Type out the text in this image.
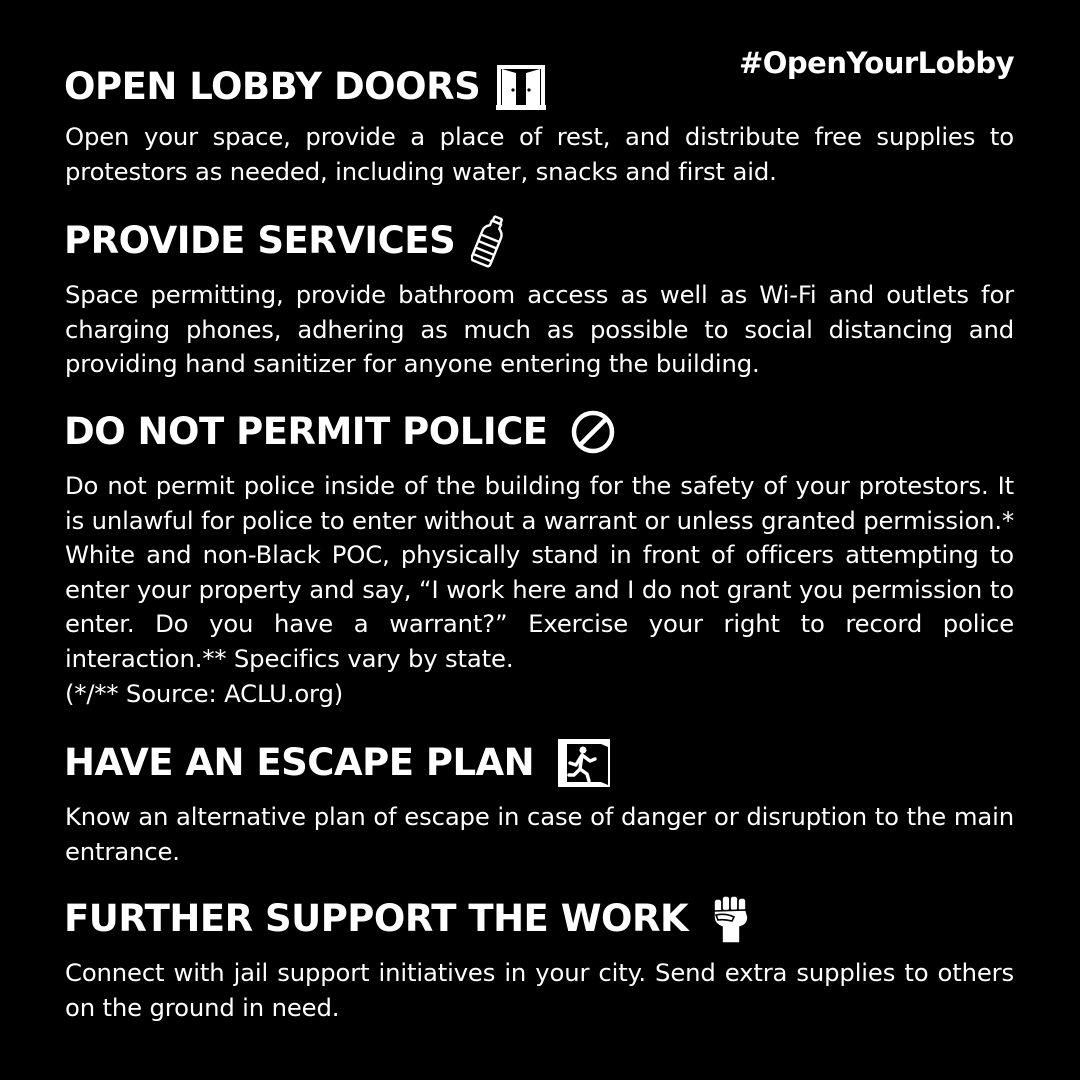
#OpenYourLobby
OPEN LOBBY DOORS
Open your space, provide a place of rest, and distribute free supplies to protestors as needed, including water, snacks and first aid.
PROVIDE SERVICES
Space permitting, provide bathroom access as well as Wi-Fi and outlets for charging phones, adhering as much as possible to social distancing and providing hand sanitizer for anyone entering the building.
DO NOT PERMIT POLICE
Do not permit police inside of the building for the safety of your protestors. It is unlawful for police to enter without a warrant or unless granted permission.* White and non-Black POC, physically stand in front of officers attempting to enter your property and say, “I work here and I do not grant you permission to enter. Do you have a warrant?” Exercise your right to record police interaction.** Specifics vary by state.
(*/** Source: ACLU.org)
HAVE AN ESCAPE PLAN
Know an alternative plan of escape in case of danger or disruption to the main entrance.
FURTHER SUPPORT THE WORK
Connect with jail support initiatives in your city. Send extra supplies to others on the ground in need.
